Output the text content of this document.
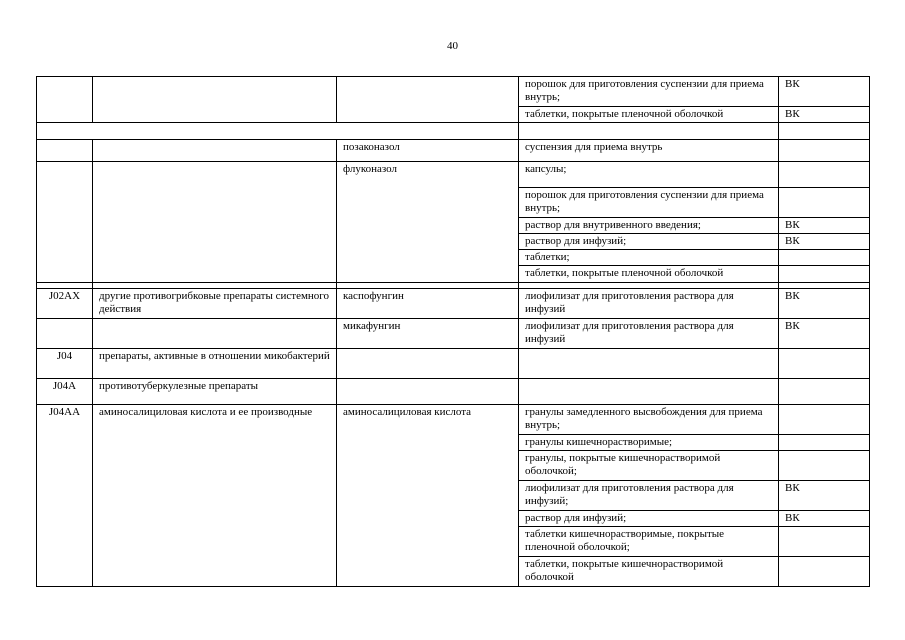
40
			порошок для приготовления суспензии для приема внутрь;	ВК
			таблетки, покрытые пленочной оболочкой	ВК

		позаконазол	суспензия для приема внутрь	
		флуконазол	капсулы;	
			порошок для приготовления суспензии для приема внутрь;	
			раствор для внутривенного введения;	ВК
			раствор для инфузий;	ВК
			таблетки;	
			таблетки, покрытые пленочной оболочкой	

J02AX	другие противогрибковые препараты системного действия	каспофунгин	лиофилизат для приготовления раствора для инфузий	ВК
		микафунгин	лиофилизат для приготовления раствора для инфузий	ВК
J04	препараты, активные в отношении микобактерий			
J04A	противотуберкулезные препараты			
J04AA	аминосалициловая кислота и ее производные	аминосалициловая кислота	гранулы замедленного высвобождения для приема внутрь;	
			гранулы кишечнорастворимые;	
			гранулы, покрытые кишечнорастворимой оболочкой;	
			лиофилизат для приготовления раствора для инфузий;	ВК
			раствор для инфузий;	ВК
			таблетки кишечнорастворимые, покрытые пленочной оболочкой;	
			таблетки, покрытые кишечнорастворимой оболочкой	
